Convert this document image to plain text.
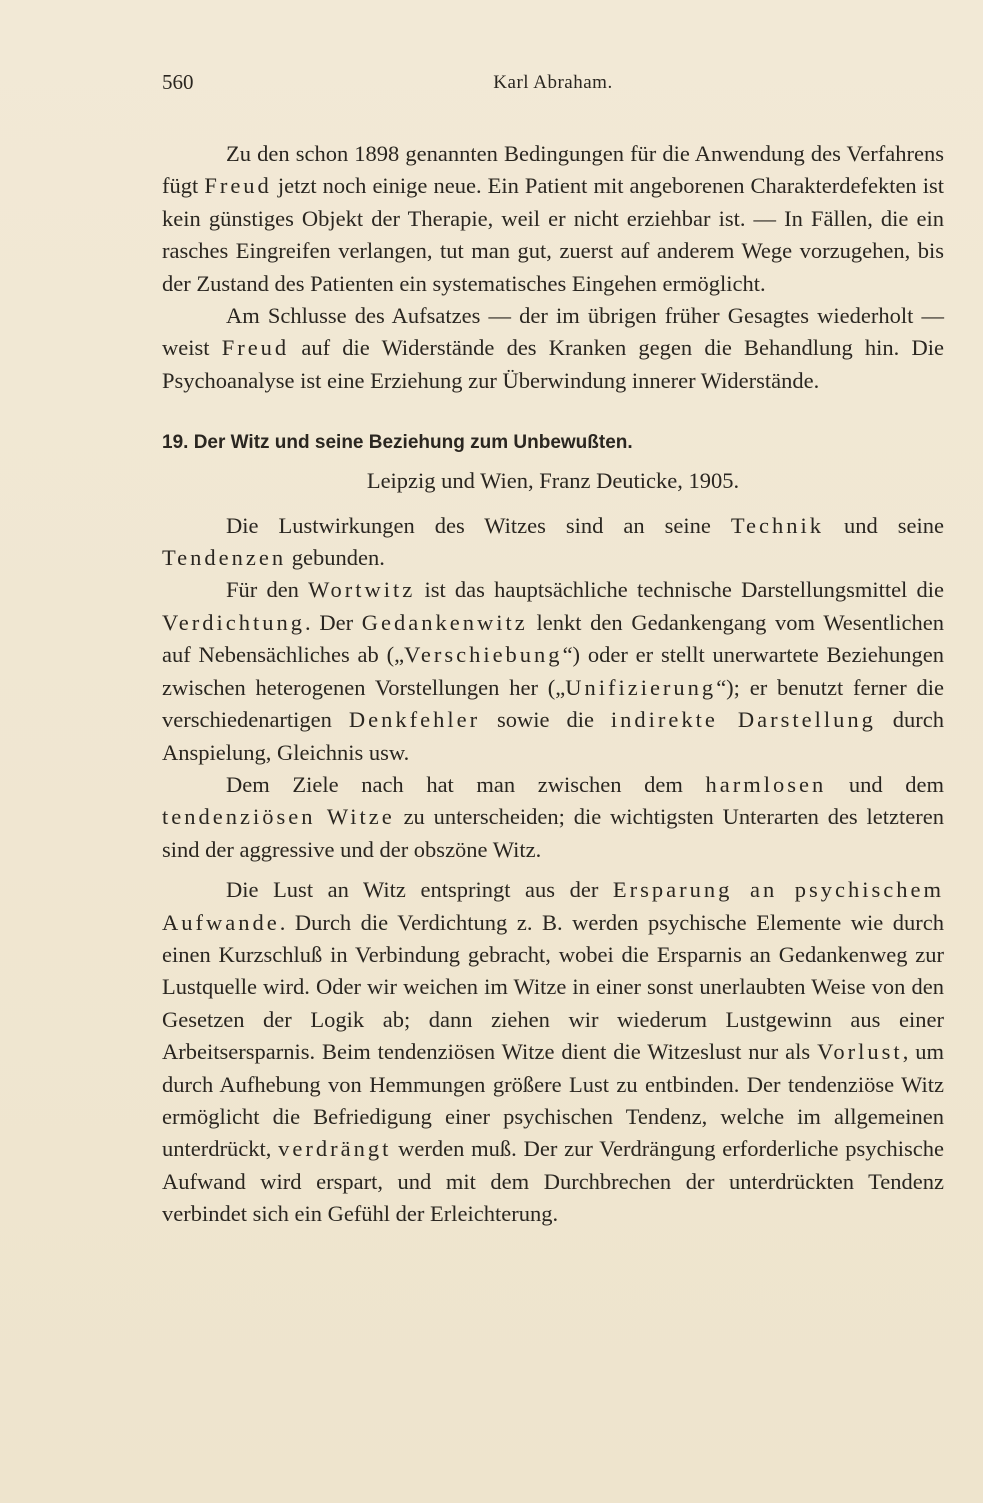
560	Karl Abraham.

Zu den schon 1898 genannten Bedingungen für die Anwendung des Verfahrens fügt Freud jetzt noch einige neue. Ein Patient mit angeborenen Charakterdefekten ist kein günstiges Objekt der Therapie, weil er nicht erziehbar ist. — In Fällen, die ein rasches Eingreifen verlangen, tut man gut, zuerst auf anderem Wege vorzugehen, bis der Zustand des Patienten ein systematisches Eingehen ermöglicht.

Am Schlusse des Aufsatzes — der im übrigen früher Gesagtes wiederholt — weist Freud auf die Widerstände des Kranken gegen die Behandlung hin. Die Psychoanalyse ist eine Erziehung zur Überwindung innerer Widerstände.

19. Der Witz und seine Beziehung zum Unbewußten.
Leipzig und Wien, Franz Deuticke, 1905.

Die Lustwirkungen des Witzes sind an seine Technik und seine Tendenzen gebunden.

Für den Wortwitz ist das hauptsächliche technische Darstellungsmittel die Verdichtung. Der Gedankenwitz lenkt den Gedankengang vom Wesentlichen auf Nebensächliches ab („Verschiebung“) oder er stellt unerwartete Beziehungen zwischen heterogenen Vorstellungen her („Unifizierung“); er benutzt ferner die verschiedenartigen Denkfehler sowie die indirekte Darstellung durch Anspielung, Gleichnis usw.

Dem Ziele nach hat man zwischen dem harmlosen und dem tendenziösen Witze zu unterscheiden; die wichtigsten Unterarten des letzteren sind der aggressive und der obszöne Witz.

Die Lust an Witz entspringt aus der Ersparung an psychischem Aufwande. Durch die Verdichtung z. B. werden psychische Elemente wie durch einen Kurzschluß in Verbindung gebracht, wobei die Ersparnis an Gedankenweg zur Lustquelle wird. Oder wir weichen im Witze in einer sonst unerlaubten Weise von den Gesetzen der Logik ab; dann ziehen wir wiederum Lustgewinn aus einer Arbeitsersparnis. Beim tendenziösen Witze dient die Witzeslust nur als Vorlust, um durch Aufhebung von Hemmungen größere Lust zu entbinden. Der tendenziöse Witz ermöglicht die Befriedigung einer psychischen Tendenz, welche im allgemeinen unterdrückt, verdrängt werden muß. Der zur Verdrängung erforderliche psychische Aufwand wird erspart, und mit dem Durchbrechen der unterdrückten Tendenz verbindet sich ein Gefühl der Erleichterung.
